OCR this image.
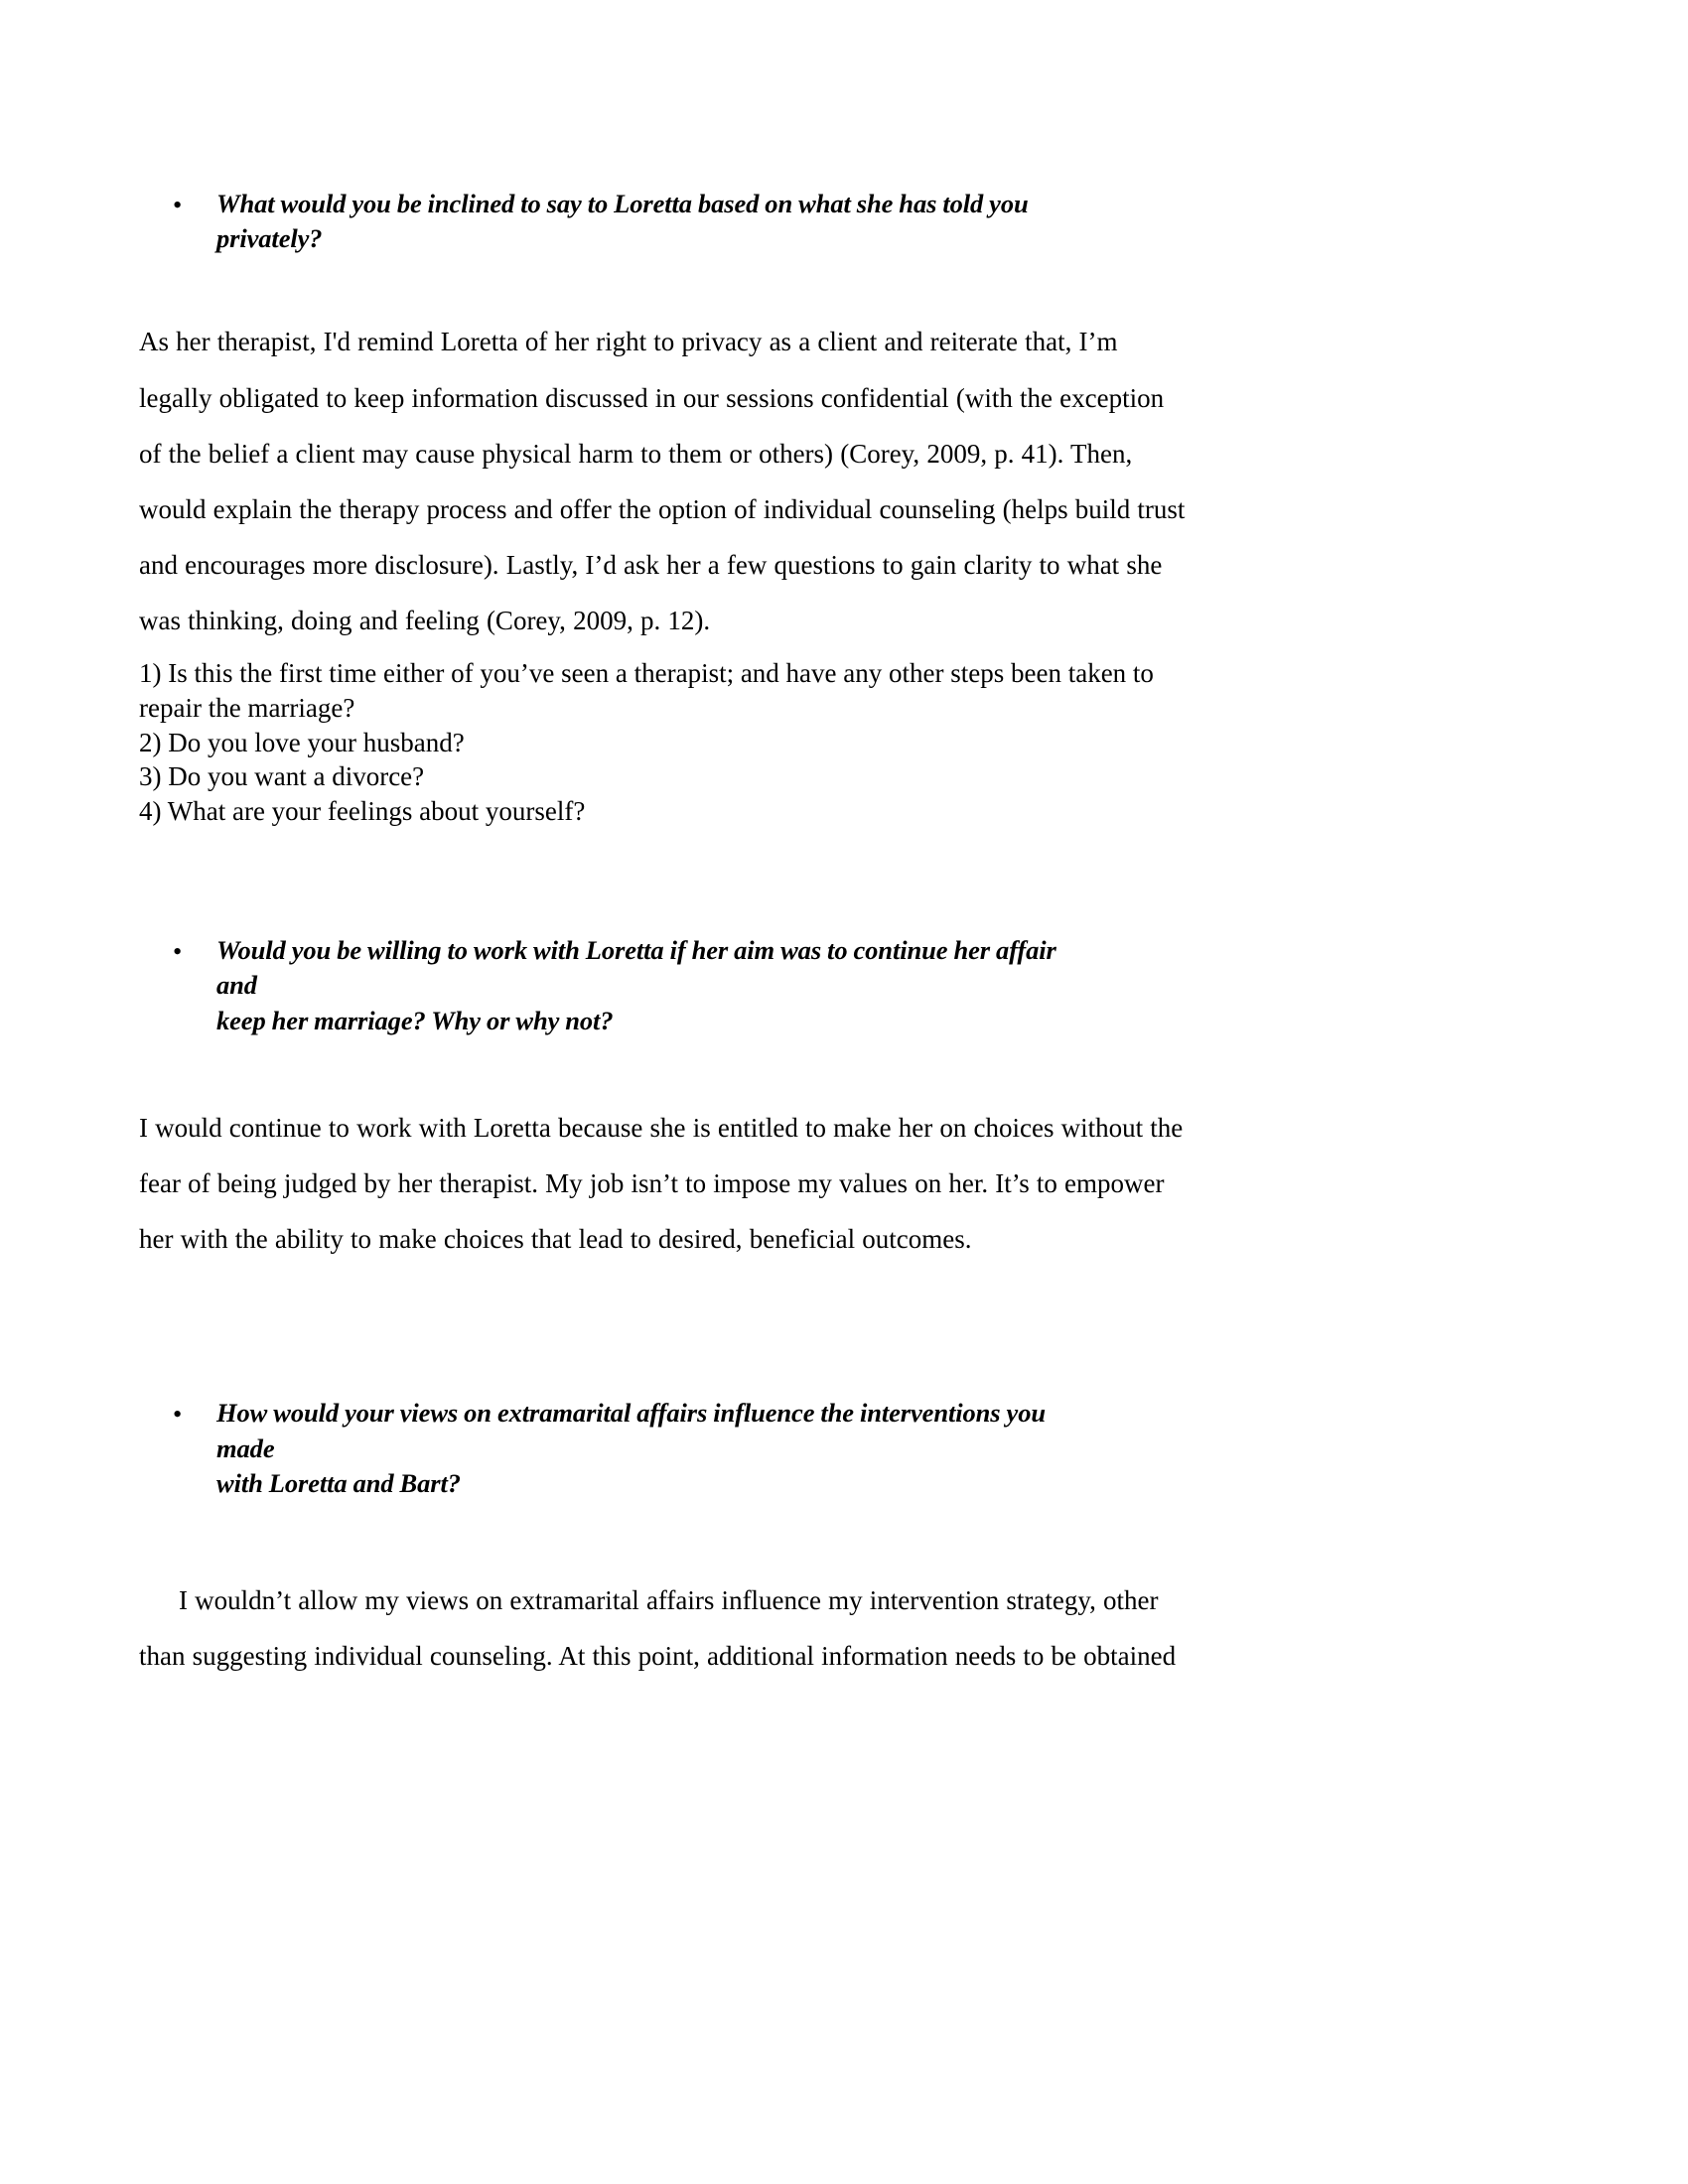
• What would you be inclined to say to Loretta based on what she has told you privately?
As her therapist, I'd remind Loretta of her right to privacy as a client and reiterate that, I’m
legally obligated to keep information discussed in our sessions confidential (with the exception
of the belief a client may cause physical harm to them or others) (Corey, 2009, p. 41). Then,
would explain the therapy process and offer the option of individual counseling (helps build trust
and encourages more disclosure). Lastly, I’d ask her a few questions to gain clarity to what she
was thinking, doing and feeling (Corey, 2009, p. 12).
1) Is this the first time either of you’ve seen a therapist; and have any other steps been taken to
repair the marriage?
2) Do you love your husband?
3) Do you want a divorce?
4) What are your feelings about yourself?
• Would you be willing to work with Loretta if her aim was to continue her affair and
keep her marriage? Why or why not?
I would continue to work with Loretta because she is entitled to make her on choices without the
fear of being judged by her therapist. My job isn’t to impose my values on her. It’s to empower
her with the ability to make choices that lead to desired, beneficial outcomes.
• How would your views on extramarital affairs influence the interventions you made
with Loretta and Bart?
I wouldn’t allow my views on extramarital affairs influence my intervention strategy, other
than suggesting individual counseling. At this point, additional information needs to be obtained
